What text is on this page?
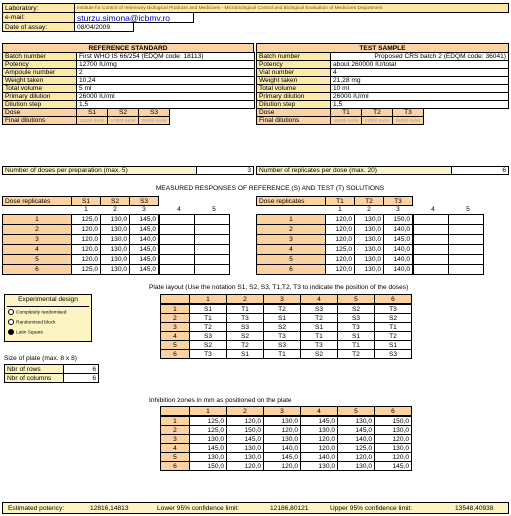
Laboratory:	Institute for Control of Veterinary Biological Products and Medicines - Microbiological Control and Biological Evaluation of Medicines Department
e-mail:	sturzu.simona@icbmv.ro
Date of assay:	08/04/2009
REFERENCE STANDARD
Batch number	First WHO IS 66/254 (EDQM code: 18113)
Potency	12700 IU/mg
Ampoule number	2
Weight taken	10,24
Total volume	5 ml
Primary dilution	26000 IU/ml
Dilution step	1,5
Dose	S1	S2	S3
Final dilutions	11000 IU/ml	17000 IU/ml	26000 IU/ml
TEST SAMPLE
Batch number	Proposed CRS batch 2 (EDQM code: 36041)
Potency	about 260000 IU/total
Vial number	4
Weight taken	21,28 mg
Total volume	10 ml
Primary dilution	26000 IU/ml
Dilution step	1,5
Dose	T1	T2	T3
Final dilutions	11000 IU/ml	17000 IU/ml	26000 IU/ml
Number of doses per preparation (max. 5)	3	Number of replicates per dose (max. 20)	6
MEASURED RESPONSES OF REFERENCE (S) AND TEST (T) SOLUTIONS
Dose replicates	S1	S2	S3
1	2	3	4	5
1	125,0	130,0	145,0
2	120,0	130,0	145,0
3	120,0	130,0	140,0
4	120,0	130,0	145,0
5	120,0	130,0	145,0
6	125,0	130,0	145,0
Dose replicates	T1	T2	T3
1	2	3	4	5
1	120,0	130,0	150,0
2	120,0	130,0	140,0
3	120,0	130,0	145,0
4	125,0	130,0	140,0
5	120,0	130,0	140,0
6	120,0	130,0	140,0
Experimental design
Completely randomised
Randomised block
Latin Square
Size of plate (max. 8 x 8)
Nbr of rows	6
Nbr of columns	6
Plate layout (Use the notation S1, S2, S3, T1,T2, T3 to indicate the position of the doses)
1	2	3	4	5	6
1	S1	T1	T2	S3	S2	T3
2	T1	T3	S1	T2	S3	S2
3	T2	S3	S2	S1	T3	T1
4	S3	S2	T3	T1	S1	T2
5	S2	T2	S3	T3	T1	S1
6	T3	S1	T1	S2	T2	S3
Inhibition zones in mm as positioned on the plate
1	2	3	4	5	6
1	125,0	120,0	130,0	145,0	130,0	150,0
2	125,0	150,0	120,0	130,0	145,0	130,0
3	130,0	145,0	130,0	120,0	140,0	120,0
4	145,0	130,0	140,0	120,0	125,0	130,0
5	130,0	130,0	145,0	140,0	120,0	120,0
6	150,0	120,0	120,0	130,0	130,0	145,0
Estimated potency:	12816,14813	Lower 95% confidence limit:	12186,80121	Upper 95% confidence limit:	13548,40938
